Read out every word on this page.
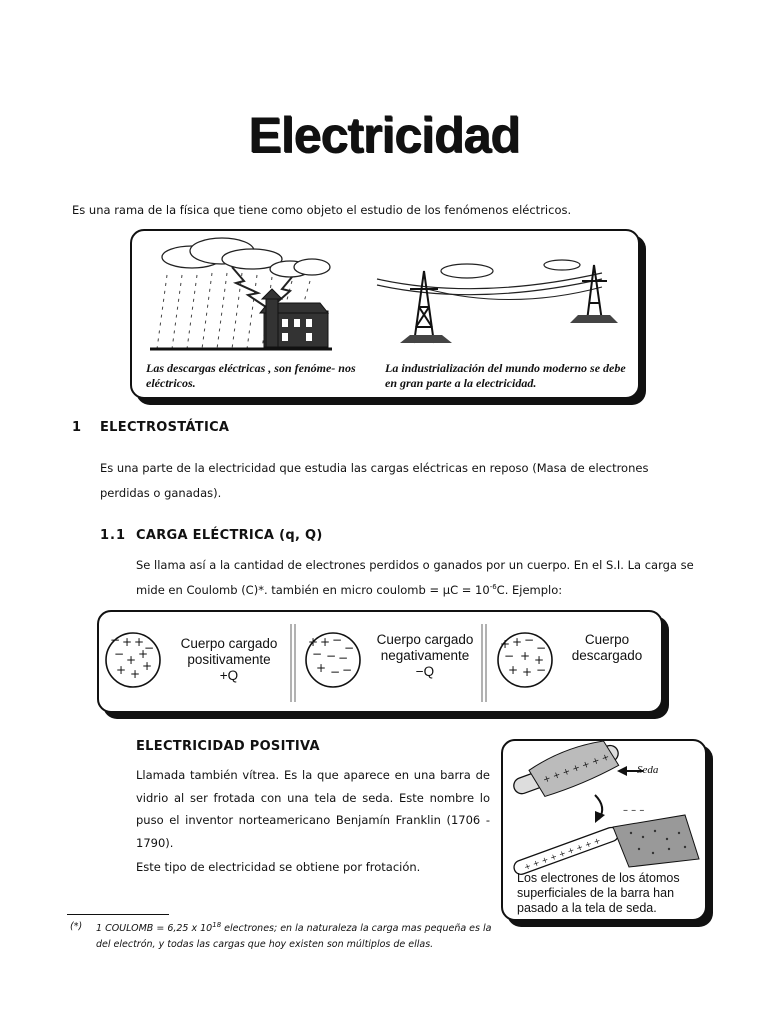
Electricidad
Es una rama de la física que tiene como objeto el estudio de los fenómenos eléctricos.
Las descargas eléctricas , son fenóme- nos eléctricos.
La industrialización del mundo moderno se debe en gran parte a la electricidad.
1 ELECTROSTÁTICA
Es una parte de la electricidad que estudia las cargas eléctricas en reposo (Masa de electrones perdidas o ganadas).
1.1 CARGA ELÉCTRICA (q, Q)
Se llama así a la cantidad de electrones perdidos o ganados por un cuerpo. En el S.I. La carga se mide en Coulomb (C)*. también en micro coulomb = $\mu C = 10^{-6}C$. Ejemplo:
+ +
− +
+
+ +
+
−
−	+ −
−
− − −
+ − −
+	+ −
−
− + +
+ + −
+
Cuerpo cargado
positivamente
+Q
Cuerpo cargado
negativamente
−Q
Cuerpo
descargado
ELECTRICIDAD POSITIVA
Llamada también vítrea. Es la que aparece en una barra de vidrio al ser frotada con una tela de seda. Este nombre lo puso el inventor norteamericano Benjamín Franklin (1706 - 1790).
Este tipo de electricidad se obtiene por frotación.
+ + + + + + +
– – –
+ + + + + + + + +
Seda
Los electrones de los átomos superficiales de la barra han pasado a la tela de seda.
(*) 1 COULOMB = 6,25 x $10^{18}$ electrones; en la naturaleza la carga mas pequeña es la del electrón, y todas las cargas que hoy existen son múltiplos de ellas.
